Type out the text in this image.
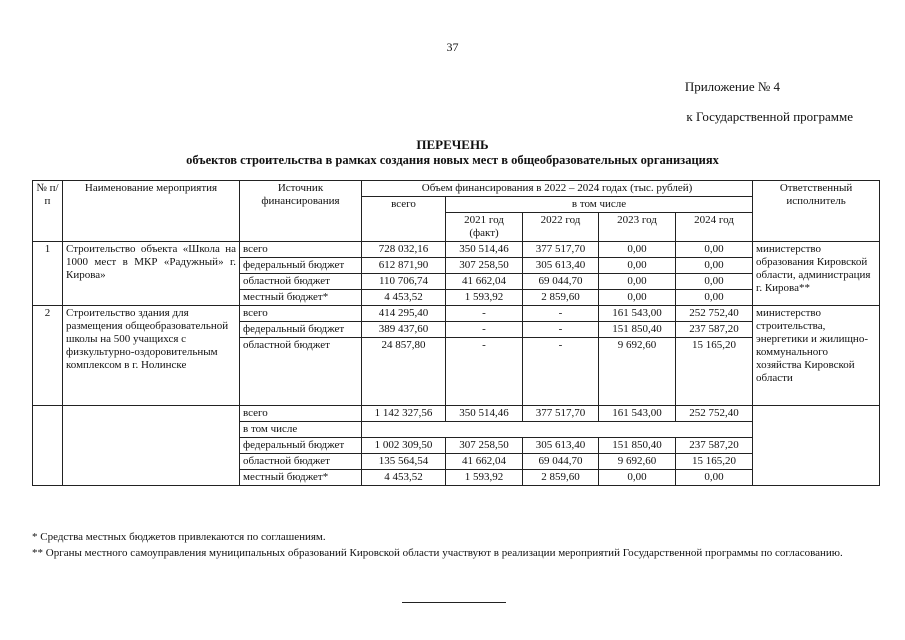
37
Приложение № 4
к Государственной программе
ПЕРЕЧЕНЬ
объектов строительства в рамках создания новых мест в общеобразовательных организациях
№ п/п	Наименование мероприятия	Источник финансирования	Объем финансирования в 2022 – 2024 годах (тыс. рублей)					Ответственный исполнитель
			всего	в том числе				
				2021 год (факт)	2022 год	2023 год	2024 год	
1	Строительство объекта «Школа на 1000 мест в МКР «Радужный» г. Кирова»	всего	728 032,16	350 514,46	377 517,70	0,00	0,00	министерство образования Кировской области, администрация г. Кирова**
		федеральный бюджет	612 871,90	307 258,50	305 613,40	0,00	0,00	
		областной бюджет	110 706,74	41 662,04	69 044,70	0,00	0,00	
		местный бюджет*	4 453,52	1 593,92	2 859,60	0,00	0,00	
2	Строительство здания для размещения общеобразовательной школы на 500 учащихся с физкультурно-оздоровительным комплексом в г. Нолинске	всего	414 295,40	-	-	161 543,00	252 752,40	министерство строительства, энергетики и жилищно-коммунального хозяйства Кировской области
		федеральный бюджет	389 437,60	-	-	151 850,40	237 587,20	
		областной бюджет	24 857,80	-	-	9 692,60	15 165,20	
		всего	1 142 327,56	350 514,46	377 517,70	161 543,00	252 752,40	
		в том числе						
		федеральный бюджет	1 002 309,50	307 258,50	305 613,40	151 850,40	237 587,20	
		областной бюджет	135 564,54	41 662,04	69 044,70	9 692,60	15 165,20	
		местный бюджет*	4 453,52	1 593,92	2 859,60	0,00	0,00	
* Средства местных бюджетов привлекаются по соглашениям.
** Органы местного самоуправления муниципальных образований Кировской области участвуют в реализации мероприятий Государственной программы по согласованию.
